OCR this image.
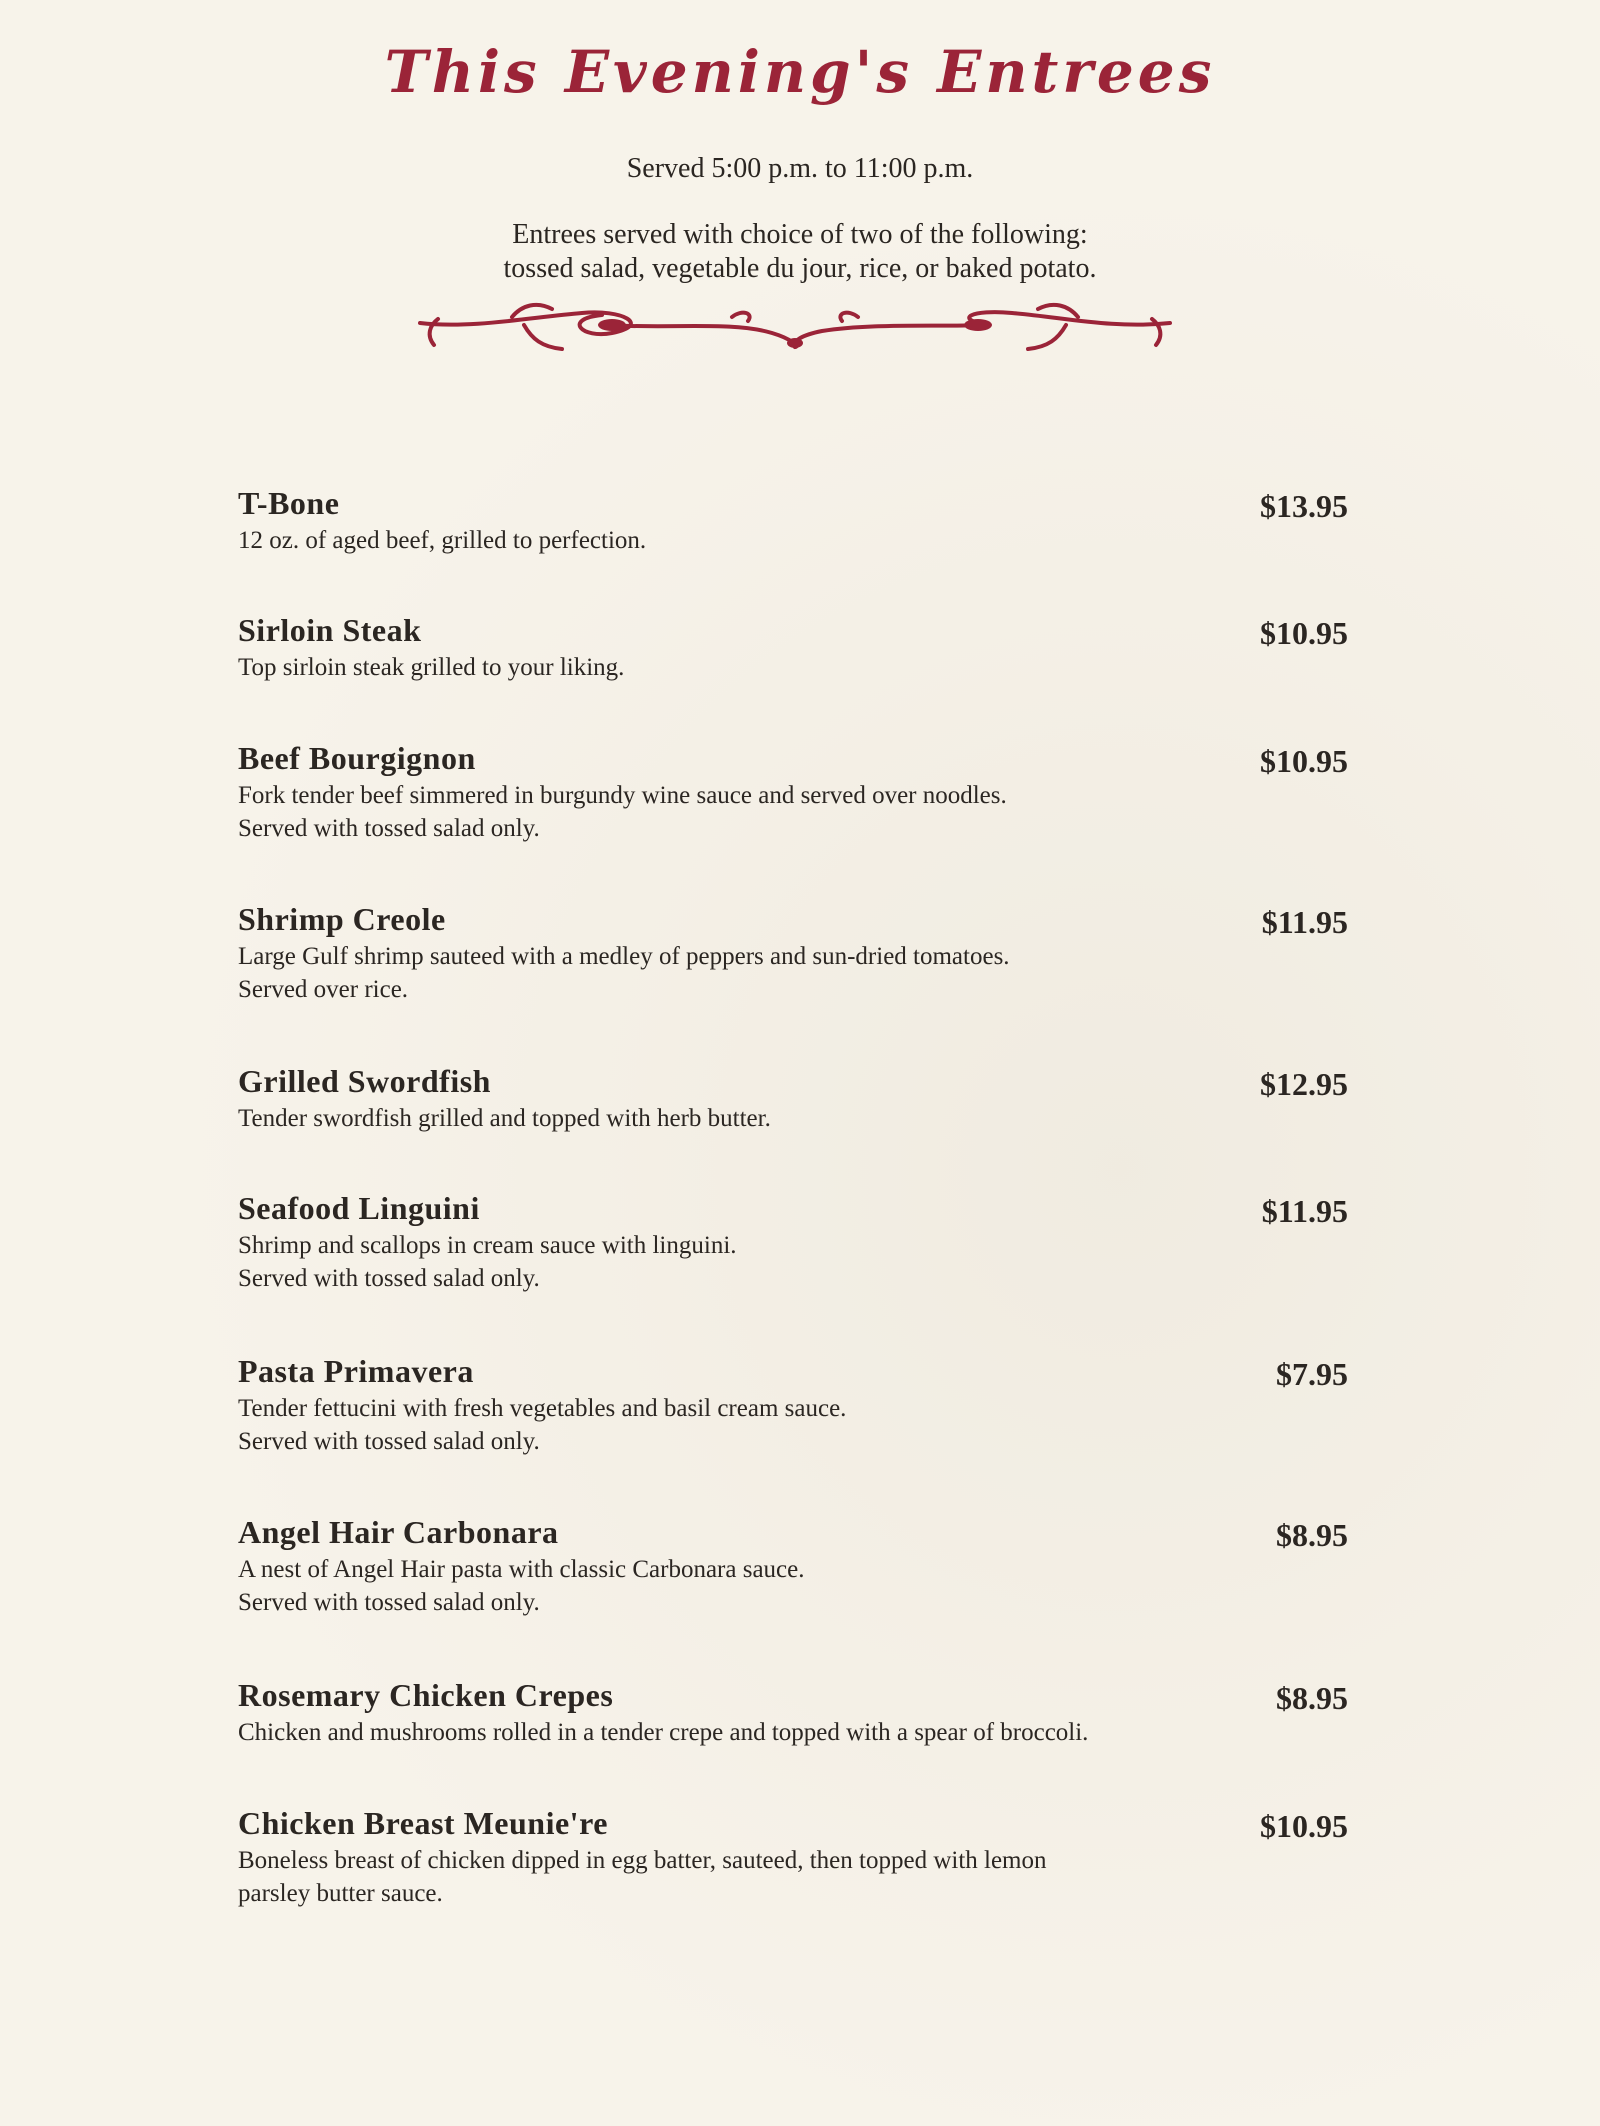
This Evening's Entrees
Served 5:00 p.m. to 11:00 p.m.
Entrees served with choice of two of the following:
tossed salad, vegetable du jour, rice, or baked potato.
T-Bone
12 oz. of aged beef, grilled to perfection.
$13.95
Sirloin Steak
Top sirloin steak grilled to your liking.
$10.95
Beef Bourgignon
Fork tender beef simmered in burgundy wine sauce and served over noodles.
Served with tossed salad only.
$10.95
Shrimp Creole
Large Gulf shrimp sauteed with a medley of peppers and sun-dried tomatoes.
Served over rice.
$11.95
Grilled Swordfish
Tender swordfish grilled and topped with herb butter.
$12.95
Seafood Linguini
Shrimp and scallops in cream sauce with linguini.
Served with tossed salad only.
$11.95
Pasta Primavera
Tender fettucini with fresh vegetables and basil cream sauce.
Served with tossed salad only.
$7.95
Angel Hair Carbonara
A nest of Angel Hair pasta with classic Carbonara sauce.
Served with tossed salad only.
$8.95
Rosemary Chicken Crepes
Chicken and mushrooms rolled in a tender crepe and topped with a spear of broccoli.
$8.95
Chicken Breast Meunie're
Boneless breast of chicken dipped in egg batter, sauteed, then topped with lemon
parsley butter sauce.
$10.95
